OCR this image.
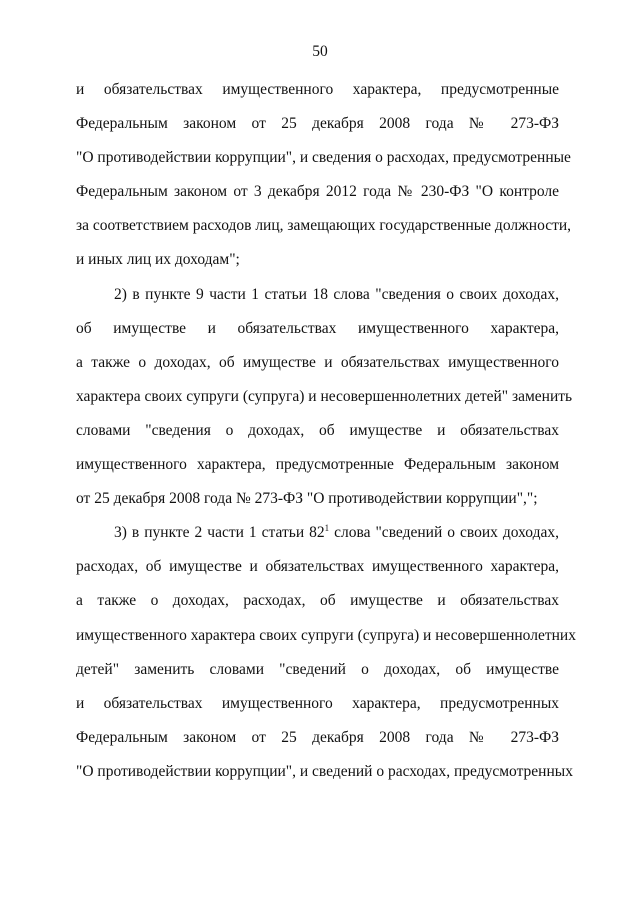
50
и обязательствах имущественного характера, предусмотренные
Федеральным законом от 25 декабря 2008 года № 273-ФЗ
"О противодействии коррупции", и сведения о расходах, предусмотренные
Федеральным законом от 3 декабря 2012 года № 230-ФЗ "О контроле
за соответствием расходов лиц, замещающих государственные должности,
и иных лиц их доходам";
2) в пункте 9 части 1 статьи 18 слова "сведения о своих доходах,
об имуществе и обязательствах имущественного характера,
а также о доходах, об имуществе и обязательствах имущественного
характера своих супруги (супруга) и несовершеннолетних детей" заменить
словами "сведения о доходах, об имуществе и обязательствах
имущественного характера, предусмотренные Федеральным законом
от 25 декабря 2008 года № 273-ФЗ "О противодействии коррупции",";
3) в пункте 2 части 1 статьи $82^1$ слова "сведений о своих доходах,
расходах, об имуществе и обязательствах имущественного характера,
а также о доходах, расходах, об имуществе и обязательствах
имущественного характера своих супруги (супруга) и несовершеннолетних
детей" заменить словами "сведений о доходах, об имуществе
и обязательствах имущественного характера, предусмотренных
Федеральным законом от 25 декабря 2008 года № 273-ФЗ
"О противодействии коррупции", и сведений о расходах, предусмотренных
